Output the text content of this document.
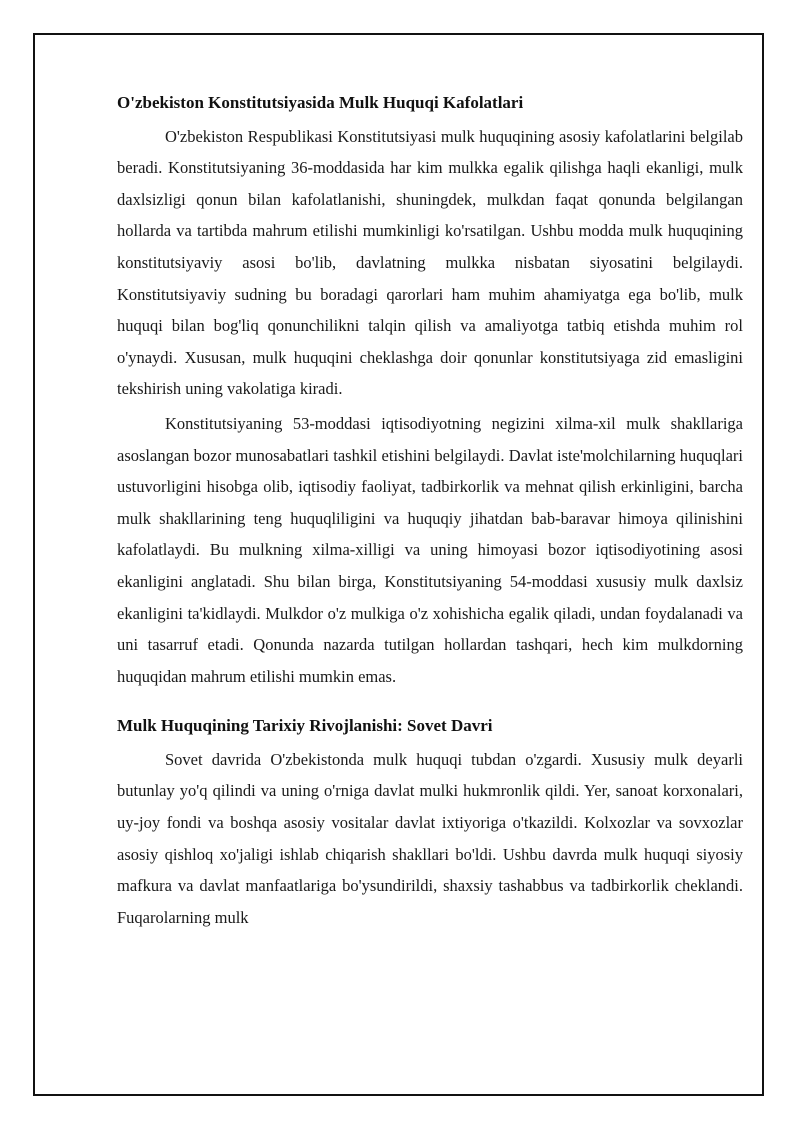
O'zbekiston Konstitutsiyasida Mulk Huquqi Kafolatlari

O'zbekiston Respublikasi Konstitutsiyasi mulk huquqining asosiy kafolatlarini belgilab beradi. Konstitutsiyaning 36-moddasida har kim mulkka egalik qilishga haqli ekanligi, mulk daxlsizligi qonun bilan kafolatlanishi, shuningdek, mulkdan faqat qonunda belgilangan hollarda va tartibda mahrum etilishi mumkinligi ko'rsatilgan. Ushbu modda mulk huquqining konstitutsiyaviy asosi bo'lib, davlatning mulkka nisbatan siyosatini belgilaydi. Konstitutsiyaviy sudning bu boradagi qarorlari ham muhim ahamiyatga ega bo'lib, mulk huquqi bilan bog'liq qonunchilikni talqin qilish va amaliyotga tatbiq etishda muhim rol o'ynaydi. Xususan, mulk huquqini cheklashga doir qonunlar konstitutsiyaga zid emasligini tekshirish uning vakolatiga kiradi.

Konstitutsiyaning 53-moddasi iqtisodiyotning negizini xilma-xil mulk shakllariga asoslangan bozor munosabatlari tashkil etishini belgilaydi. Davlat iste'molchilarning huquqlari ustuvorligini hisobga olib, iqtisodiy faoliyat, tadbirkorlik va mehnat qilish erkinligini, barcha mulk shakllarining teng huquqliligini va huquqiy jihatdan bab-baravar himoya qilinishini kafolatlaydi. Bu mulkning xilma-xilligi va uning himoyasi bozor iqtisodiyotining asosi ekanligini anglatadi. Shu bilan birga, Konstitutsiyaning 54-moddasi xususiy mulk daxlsiz ekanligini ta'kidlaydi. Mulkdor o'z mulkiga o'z xohishicha egalik qiladi, undan foydalanadi va uni tasarruf etadi. Qonunda nazarda tutilgan hollardan tashqari, hech kim mulkdorning huquqidan mahrum etilishi mumkin emas.

Mulk Huquqining Tarixiy Rivojlanishi: Sovet Davri

Sovet davrida O'zbekistonda mulk huquqi tubdan o'zgardi. Xususiy mulk deyarli butunlay yo'q qilindi va uning o'rniga davlat mulki hukmronlik qildi. Yer, sanoat korxonalari, uy-joy fondi va boshqa asosiy vositalar davlat ixtiyoriga o'tkazildi. Kolxozlar va sovxozlar asosiy qishloq xo'jaligi ishlab chiqarish shakllari bo'ldi. Ushbu davrda mulk huquqi siyosiy mafkura va davlat manfaatlariga bo'ysundirildi, shaxsiy tashabbus va tadbirkorlik cheklandi. Fuqarolarning mulk
